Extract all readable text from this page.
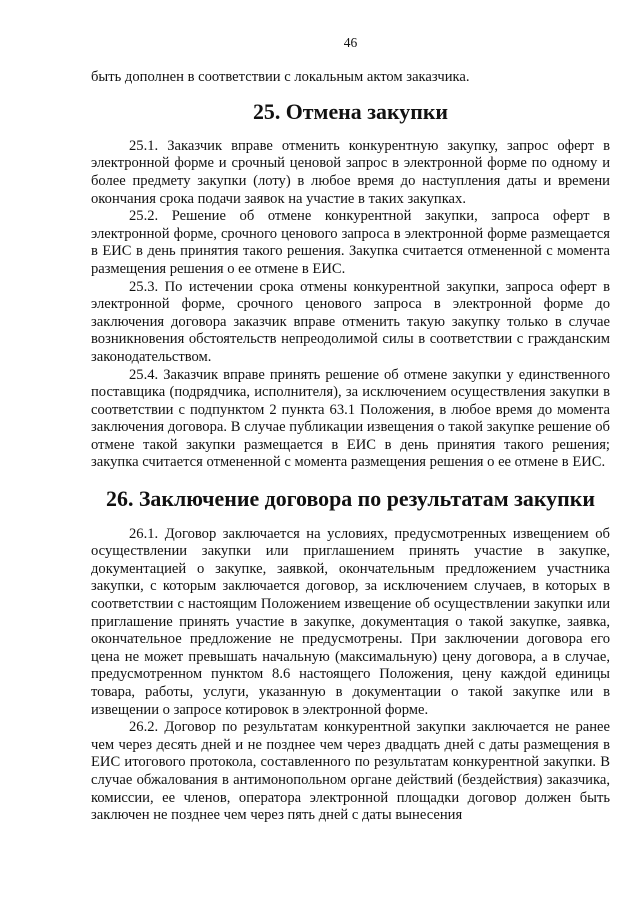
46

быть дополнен в соответствии с локальным актом заказчика.

25. Отмена закупки

25.1. Заказчик вправе отменить конкурентную закупку, запрос оферт в электронной форме и срочный ценовой запрос в электронной форме по одному и более предмету закупки (лоту) в любое время до наступления даты и времени окончания срока подачи заявок на участие в таких закупках.

25.2. Решение об отмене конкурентной закупки, запроса оферт в электронной форме, срочного ценового запроса в электронной форме размещается в ЕИС в день принятия такого решения. Закупка считается отмененной с момента размещения решения о ее отмене в ЕИС.

25.3. По истечении срока отмены конкурентной закупки, запроса оферт в электронной форме, срочного ценового запроса в электронной форме до заключения договора заказчик вправе отменить такую закупку только в случае возникновения обстоятельств непреодолимой силы в соответствии с гражданским законодательством.

25.4. Заказчик вправе принять решение об отмене закупки у единственного поставщика (подрядчика, исполнителя), за исключением осуществления закупки в соответствии с подпунктом 2 пункта 63.1 Положения, в любое время до момента заключения договора. В случае публикации извещения о такой закупке решение об отмене такой закупки размещается в ЕИС в день принятия такого решения; закупка считается отмененной с момента размещения решения о ее отмене в ЕИС.

26. Заключение договора по результатам закупки

26.1. Договор заключается на условиях, предусмотренных извещением об осуществлении закупки или приглашением принять участие в закупке, документацией о закупке, заявкой, окончательным предложением участника закупки, с которым заключается договор, за исключением случаев, в которых в соответствии с настоящим Положением извещение об осуществлении закупки или приглашение принять участие в закупке, документация о такой закупке, заявка, окончательное предложение не предусмотрены. При заключении договора его цена не может превышать начальную (максимальную) цену договора, а в случае, предусмотренном пунктом 8.6 настоящего Положения, цену каждой единицы товара, работы, услуги, указанную в документации о такой закупке или в извещении о запросе котировок в электронной форме.

26.2. Договор по результатам конкурентной закупки заключается не ранее чем через десять дней и не позднее чем через двадцать дней с даты размещения в ЕИС итогового протокола, составленного по результатам конкурентной закупки. В случае обжалования в антимонопольном органе действий (бездействия) заказчика, комиссии, ее членов, оператора электронной площадки договор должен быть заключен не позднее чем через пять дней с даты вынесения
